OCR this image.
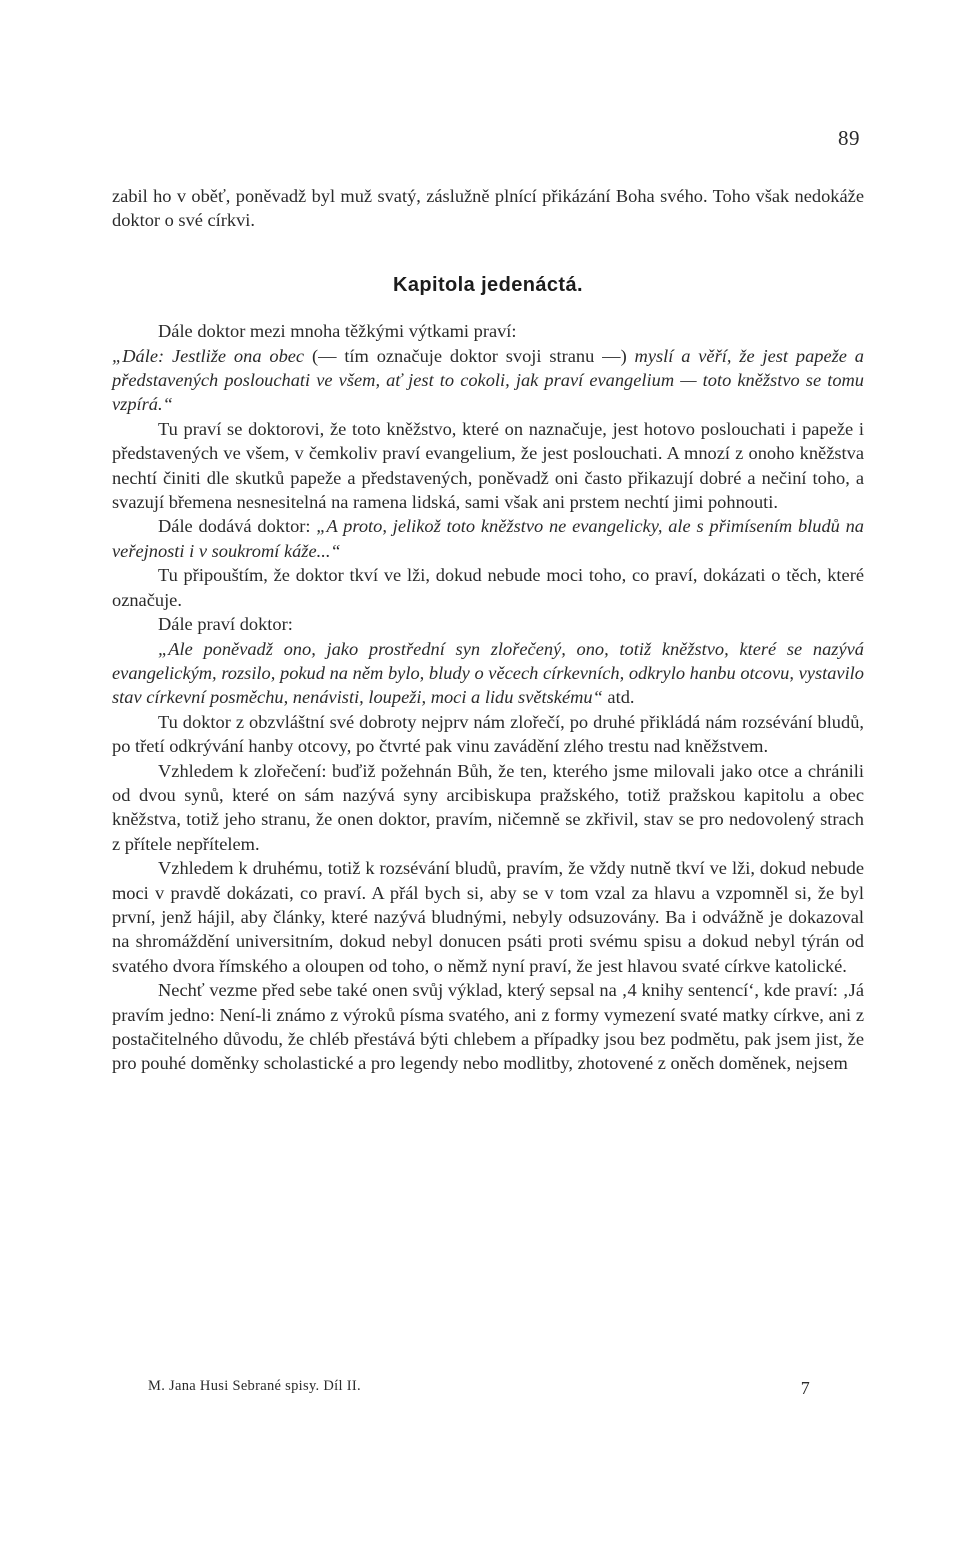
89

zabil ho v oběť, poněvadž byl muž svatý, záslužně plnící přikázání Boha svého. Toho však nedokáže doktor o své církvi.

Kapitola jedenáctá.

Dále doktor mezi mnoha těžkými výtkami praví:
„Dále: Jestliže ona obec (— tím označuje doktor svoji stranu —) myslí a věří, že jest papeže a představených poslouchati ve všem, ať jest to cokoli, jak praví evangelium — toto kněžstvo se tomu vzpírá.“

Tu praví se doktorovi, že toto kněžstvo, které on naznačuje, jest hotovo poslouchati i papeže i představených ve všem, v čemkoliv praví evangelium, že jest poslouchati. A mnozí z onoho kněžstva nechtí činiti dle skutků papeže a představených, poněvadž oni často přikazují dobré a nečiní toho, a svazují břemena nesnesitelná na ramena lidská, sami však ani prstem nechtí jimi pohnouti.

Dále dodává doktor: „A proto, jelikož toto kněžstvo ne evangelicky, ale s přimísením bludů na veřejnosti i v soukromí káže...“

Tu připouštím, že doktor tkví ve lži, dokud nebude moci toho, co praví, dokázati o těch, které označuje.

Dále praví doktor:

„Ale poněvadž ono, jako prostřední syn zlořečený, ono, totiž kněžstvo, které se nazývá evangelickým, rozsilo, pokud na něm bylo, bludy o věcech církevních, odkrylo hanbu otcovu, vystavilo stav církevní posměchu, nenávisti, loupeži, moci a lidu světskému“ atd.

Tu doktor z obzvláštní své dobroty nejprv nám zlořečí, po druhé přikládá nám rozsévání bludů, po třetí odkrývání hanby otcovy, po čtvrté pak vinu zavádění zlého trestu nad kněžstvem.

Vzhledem k zlořečení: buďiž požehnán Bůh, že ten, kterého jsme milovali jako otce a chránili od dvou synů, které on sám nazývá syny arcibiskupa pražského, totiž pražskou kapitolu a obec kněžstva, totiž jeho stranu, že onen doktor, pravím, ničemně se zkřivil, stav se pro nedovolený strach z přítele nepřítelem.

Vzhledem k druhému, totiž k rozsévání bludů, pravím, že vždy nutně tkví ve lži, dokud nebude moci v pravdě dokázati, co praví. A přál bych si, aby se v tom vzal za hlavu a vzpomněl si, že byl první, jenž hájil, aby články, které nazývá bludnými, nebyly odsuzovány. Ba i odvážně je dokazoval na shromáždění universitním, dokud nebyl donucen psáti proti svému spisu a dokud nebyl týrán od svatého dvora římského a oloupen od toho, o němž nyní praví, že jest hlavou svaté církve katolické.

Nechť vezme před sebe také onen svůj výklad, který sepsal na ‚4 knihy sentencí‘, kde praví: ‚Já pravím jedno: Není-li známo z výroků písma svatého, ani z formy vymezení svaté matky církve, ani z postačitelného důvodu, že chléb přestává býti chlebem a případky jsou bez podmětu, pak jsem jist, že pro pouhé doměnky scholastické a pro legendy nebo modlitby, zhotovené z oněch doměnek, nejsem

M. Jana Husi Sebrané spisy. Díl II.	7
